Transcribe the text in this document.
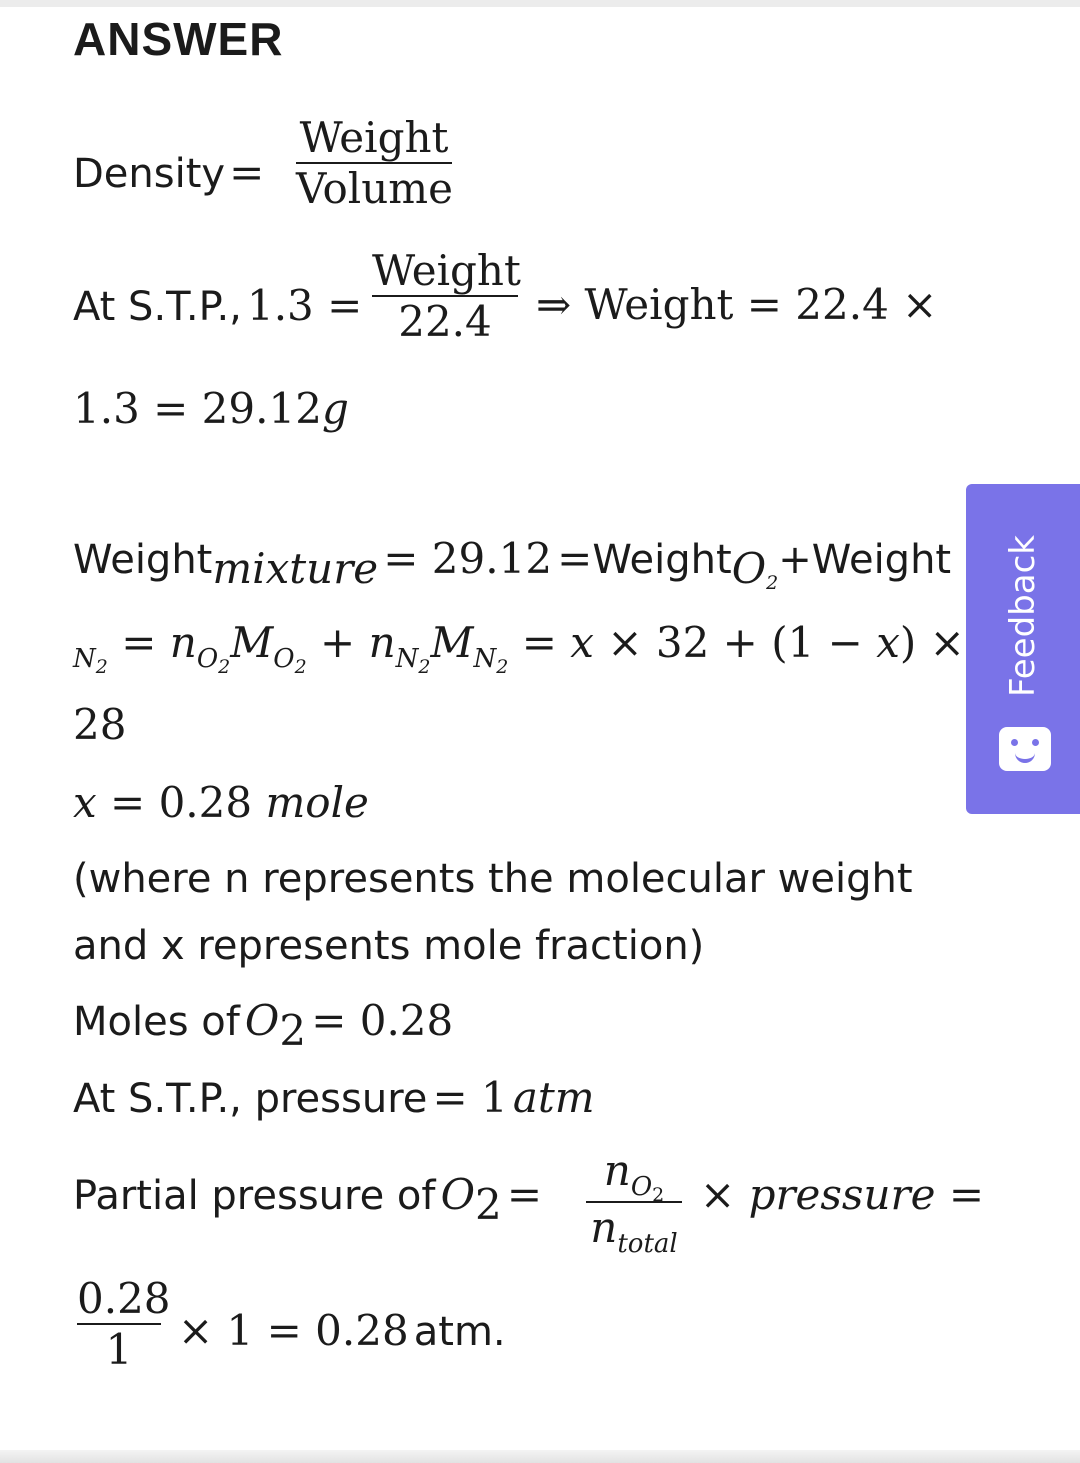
ANSWER
Density=
Weight
Volume
At S.T.P., 1.3 =
Weight
22.4	⇒ Weight = 22.4 ×
1.3 = 29.12g
Weight$_{mixture}$ = 29.12 =Weight$_{O_2}$+Weight
$_{N_2} = n_{O_2}M_{O_2} + n_{N_2}M_{N_2} = x \times 32 + (1 - x)$ ×
28
x = 0.28 mole
(where n represents the molecular weight
and x represents mole fraction)
Moles of $O_2 = 0.28$
At S.T.P., pressure = 1 atm
Partial pressure of $O_2$ =	$n_{O_2}$
$n_{total}$
× pressure =
0.28
1	× 1 = 0.28 atm.
Feedback
